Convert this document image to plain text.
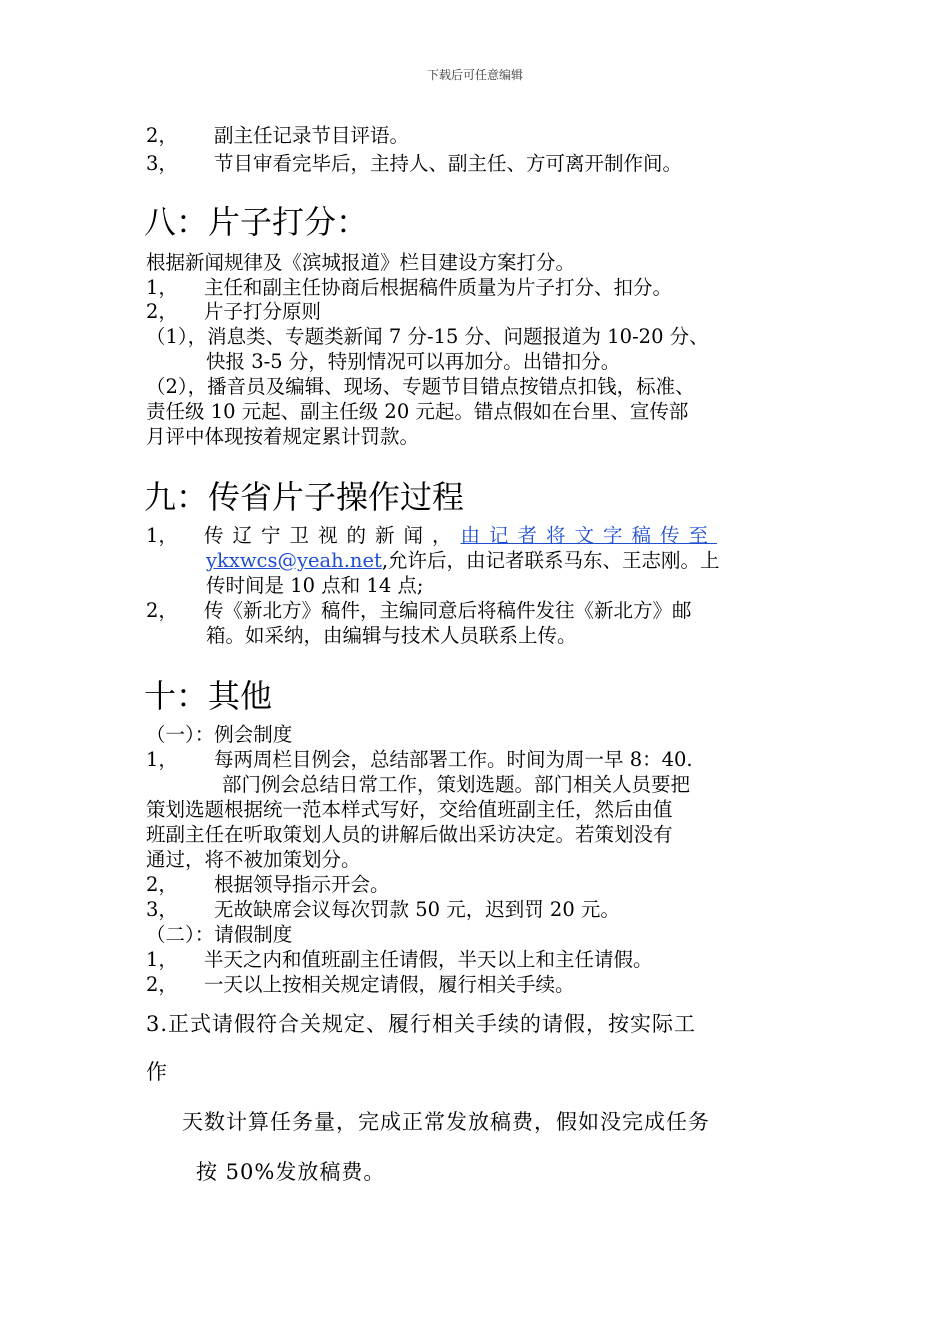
下载后可任意编辑
2， 副主任记录节目评语。
3， 节目审看完毕后，主持人、副主任、方可离开制作间。
八：片子打分：
根据新闻规律及《滨城报道》栏目建设方案打分。
1， 主任和副主任协商后根据稿件质量为片子打分、扣分。
2， 片子打分原则
（1），消息类、专题类新闻 7 分-15 分、问题报道为 10-20 分、
快报 3-5 分，特别情况可以再加分。出错扣分。
（2），播音员及编辑、现场、专题节目错点按错点扣钱，标准、
责任级 10 元起、副主任级 20 元起。错点假如在台里、宣传部
月评中体现按着规定累计罚款。
九：传省片子操作过程
1， 传辽宁卫视的新闻，由记者将文字稿传至
ykxwcs@yeah.net,允许后，由记者联系马东、王志刚。上
传时间是 10 点和 14 点;
2， 传《新北方》稿件，主编同意后将稿件发往《新北方》邮
箱。如采纳，由编辑与技术人员联系上传。
十：其他
（一）：例会制度
1， 每两周栏目例会，总结部署工作。时间为周一早 8：40.
部门例会总结日常工作，策划选题。部门相关人员要把
策划选题根据统一范本样式写好，交给值班副主任，然后由值
班副主任在听取策划人员的讲解后做出采访决定。若策划没有
通过，将不被加策划分。
2， 根据领导指示开会。
3， 无故缺席会议每次罚款 50 元，迟到罚 20 元。
（二）：请假制度
1， 半天之内和值班副主任请假，半天以上和主任请假。
2， 一天以上按相关规定请假，履行相关手续。
3.正式请假符合关规定、履行相关手续的请假，按实际工
作
天数计算任务量，完成正常发放稿费，假如没完成任务
按 50%发放稿费。
